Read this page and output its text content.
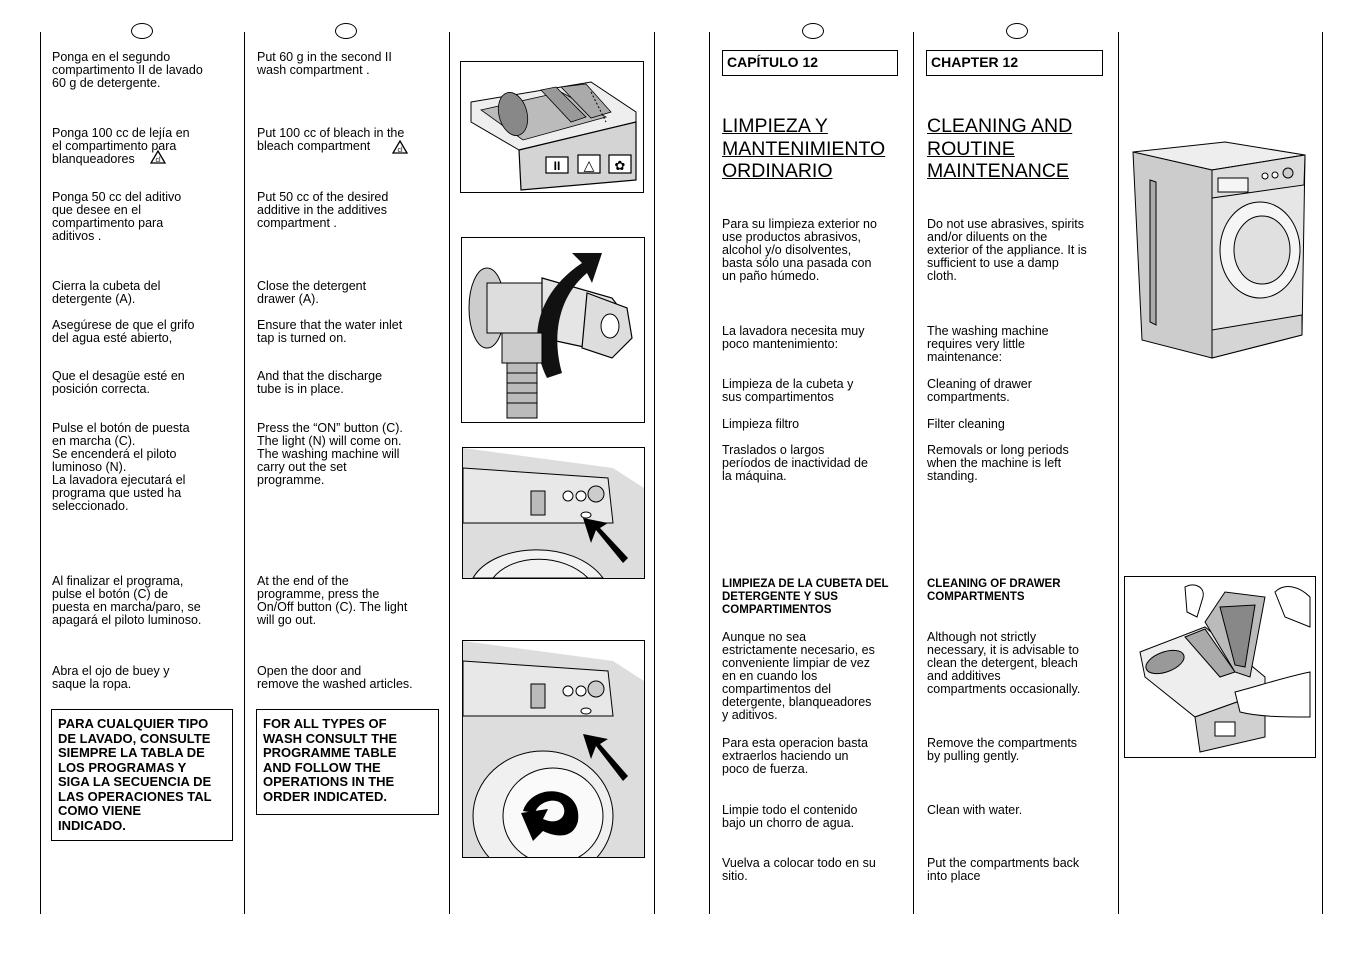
Ponga en el segundo
compartimento II de lavado
60 g de detergente.
Ponga 100 cc de lejía en
el compartimento para
blanqueadores	cl
Ponga 50 cc del aditivo
que desee en el
compartimento para
aditivos .
Cierra la cubeta del
detergente (A).
Asegúrese de que el grifo
del agua esté abierto,
Que el desagüe esté en
posición correcta.
Pulse el botón de puesta
en marcha (C).
Se encenderá el piloto
luminoso (N).
La lavadora ejecutará el
programa que usted ha
seleccionado.
Al finalizar el programa,
pulse el botón (C) de
puesta en marcha/paro, se
apagará el piloto luminoso.
Abra el ojo de buey y
saque la ropa.
PARA CUALQUIER TIPO
DE LAVADO, CONSULTE
SIEMPRE LA TABLA DE
LOS PROGRAMAS Y
SIGA LA SECUENCIA DE
LAS OPERACIONES TAL
COMO VIENE
INDICADO.
Put 60 g in the second II
wash compartment .
Put 100 cc of bleach in the
bleach compartment	cl
Put 50 cc of the desired
additive in the additives
compartment .
Close the detergent
drawer (A).
Ensure that the water inlet
tap is turned on.
And that the discharge
tube is in place.
Press the “ON” button (C).
The light (N) will come on.
The washing machine will
carry out the set
programme.
At the end of the
programme, press the
On/Off button (C). The light
will go out.
Open the door and
remove the washed articles.
FOR ALL TYPES OF
WASH CONSULT THE
PROGRAMME TABLE
AND FOLLOW THE
OPERATIONS IN THE
ORDER INDICATED.
II △ ✿
CAPÍTULO 12
LIMPIEZA Y
MANTENIMIENTO
ORDINARIO
Para su limpieza exterior no
use productos abrasivos,
alcohol y/o disolventes,
basta sólo una pasada con
un paño húmedo.
La lavadora necesita muy
poco mantenimiento:
Limpieza de la cubeta y
sus compartimentos
Limpieza filtro
Traslados o largos
períodos de inactividad de
la máquina.
LIMPIEZA DE LA CUBETA DEL
DETERGENTE Y SUS
COMPARTIMENTOS
Aunque no sea
estrictamente necesario, es
conveniente limpiar de vez
en en cuando los
compartimentos del
detergente, blanqueadores
y aditivos.
Para esta operacion basta
extraerlos haciendo un
poco de fuerza.
Limpie todo el contenido
bajo un chorro de agua.
Vuelva a colocar todo en su
sitio.
CHAPTER 12
CLEANING AND
ROUTINE
MAINTENANCE
Do not use abrasives, spirits
and/or diluents on the
exterior of the appliance. It is
sufficient to use a damp
cloth.
The washing machine
requires very little
maintenance:
Cleaning of drawer
compartments.
Filter cleaning
Removals or long periods
when the machine is left
standing.
CLEANING OF DRAWER
COMPARTMENTS
Although not strictly
necessary, it is advisable to
clean the detergent, bleach
and additives
compartments occasionally.
Remove the compartments
by pulling gently.
Clean with water.
Put the compartments back
into place
